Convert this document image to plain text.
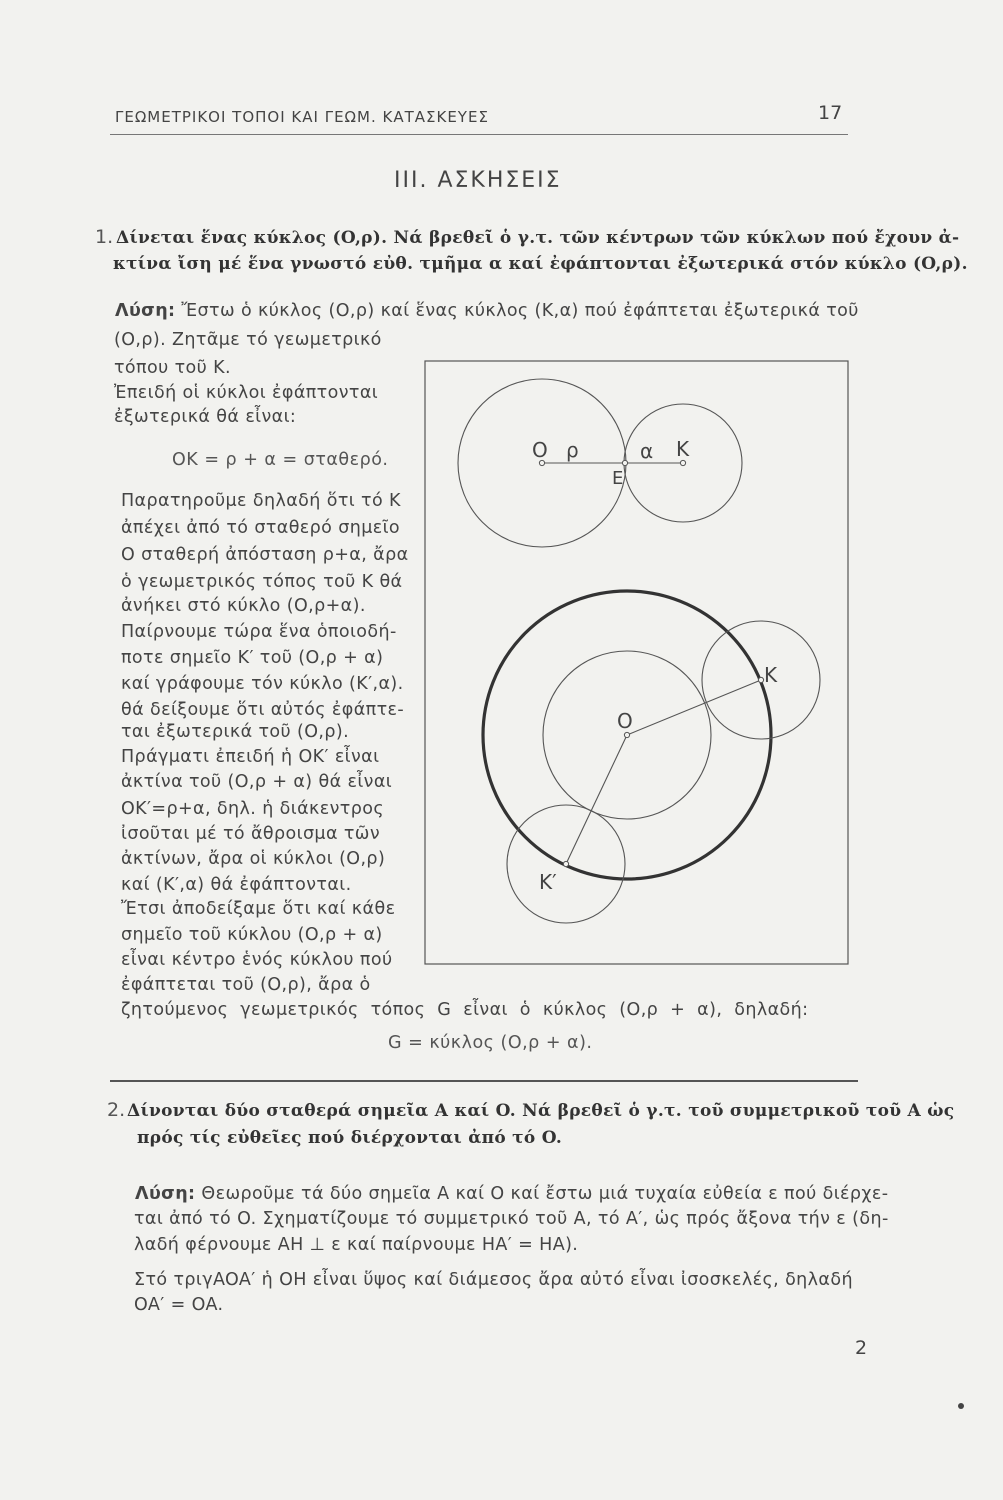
ΓΕΩΜΕΤΡΙΚΟΙ ΤΟΠΟΙ ΚΑΙ ΓΕΩΜ. ΚΑΤΑΣΚΕΥΕΣ	17
III. ΑΣΚΗΣΕΙΣ
1. Δίνεται ἕνας κύκλος (O,ρ). Νά βρεθεῖ ὁ γ.τ. τῶν κέντρων τῶν κύκλων πού ἔχουν ἀ-
κτίνα ἴση μέ ἕνα γνωστό εὐθ. τμῆμα α καί ἐφάπτονται ἐξωτερικά στόν κύκλο (O,ρ).
Λύση: Ἔστω ὁ κύκλος (O,ρ) καί ἕνας κύκλος (K,α) πού ἐφάπτεται ἐξωτερικά τοῦ
(O,ρ). Ζητᾶμε τό γεωμετρικό
τόπου τοῦ K.
Ἐπειδή οἱ κύκλοι ἐφάπτονται
ἐξωτερικά θά εἶναι:
OK = ρ + α = σταθερό.
Παρατηροῦμε δηλαδή ὅτι τό K
ἀπέχει ἀπό τό σταθερό σημεῖο
O σταθερή ἀπόσταση ρ+α, ἄρα
ὁ γεωμετρικός τόπος τοῦ K θά
ἀνήκει στό κύκλο (O,ρ+α).
Παίρνουμε τώρα ἕνα ὁποιοδή-
ποτε σημεῖο K′ τοῦ (O,ρ + α)
καί γράφουμε τόν κύκλο (K′,α).
θά δείξουμε ὅτι αὐτός ἐφάπτε-
ται ἐξωτερικά τοῦ (O,ρ).
Πράγματι ἐπειδή ἡ OK′ εἶναι
ἀκτίνα τοῦ (O,ρ + α) θά εἶναι
OK′=ρ+α, δηλ. ἡ διάκεντρος
ἰσοῦται μέ τό ἄθροισμα τῶν
ἀκτίνων, ἄρα οἱ κύκλοι (O,ρ)
καί (K′,α) θά ἐφάπτονται.
Ἔτσι ἀποδείξαμε ὅτι καί κάθε
σημεῖο τοῦ κύκλου (O,ρ + α)
εἶναι κέντρο ἑνός κύκλου πού
ἐφάπτεται τοῦ (O,ρ), ἄρα ὁ
ζητούμενος γεωμετρικός τόπος G εἶναι ὁ κύκλος (O,ρ + α), δηλαδή:
G = κύκλος (O,ρ + α).
O ρ	α K
E
O
K
K′
2. Δίνονται δύο σταθερά σημεῖα A καί O. Νά βρεθεῖ ὁ γ.τ. τοῦ συμμετρικοῦ τοῦ A ὡς
πρός τίς εὐθεῖες πού διέρχονται ἀπό τό O.
Λύση: Θεωροῦμε τά δύο σημεῖα A καί O καί ἔστω μιά τυχαία εὐθεία ε πού διέρχε-
ται ἀπό τό O. Σχηματίζουμε τό συμμετρικό τοῦ A, τό A′, ὡς πρός ἄξονα τήν ε (δη-
λαδή φέρνουμε AH ⊥ ε καί παίρνουμε HA′ = HA).
Στό τριγAOA′ ἡ OH εἶναι ὕψος καί διάμεσος ἄρα αὐτό εἶναι ἰσοσκελές, δηλαδή
OA′ = OA.
2
